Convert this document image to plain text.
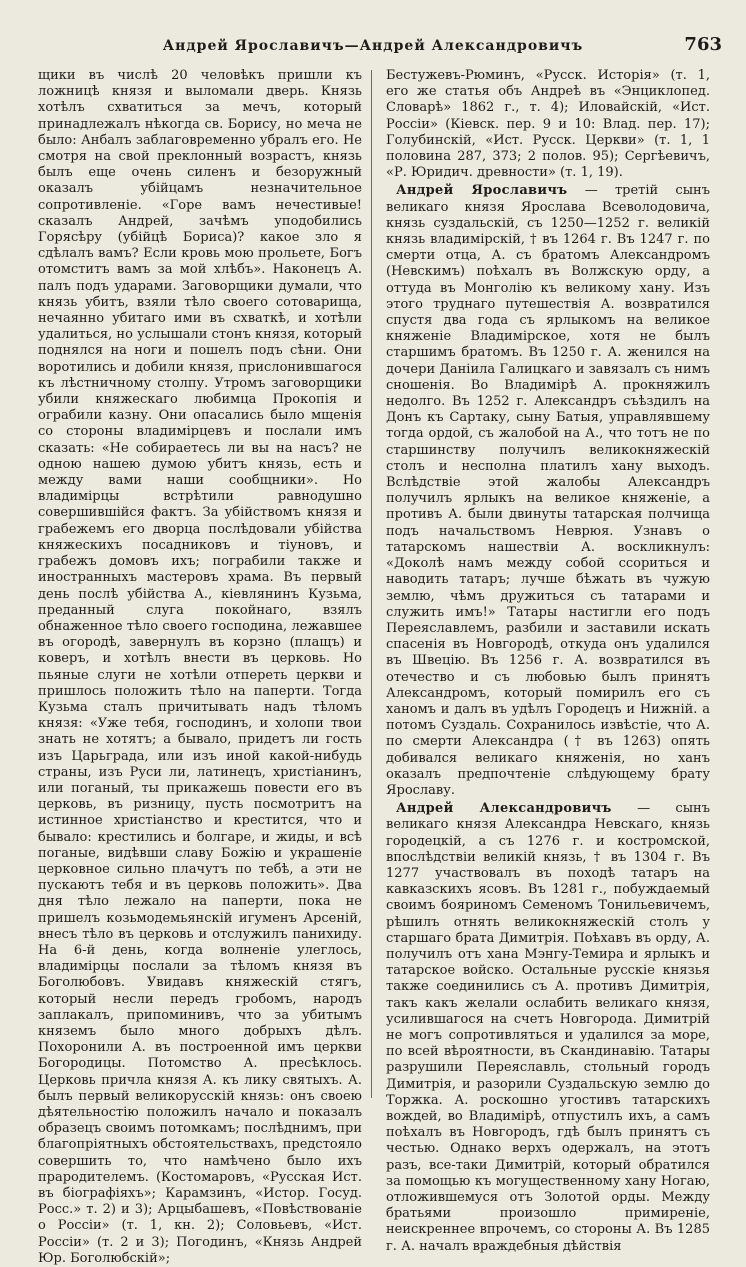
Андрей Ярославичъ—Андрей Александровичъ	763

щики въ числѣ 20 человѣкъ пришли къ ложницѣ князя и выломали дверь. Князь хотѣлъ схватиться за мечъ, который принадлежалъ нѣкогда св. Борису, но меча не было: Анбалъ заблаговременно убралъ его. Не смотря на свой преклонный возрастъ, князь былъ еще очень силенъ и безоружный оказалъ убійцамъ незначительное сопротивленіе. «Горе вамъ нечестивые! сказалъ Андрей, зачѣмъ уподобились Горясѣру (убійцѣ Бориса)? какое зло я сдѣлалъ вамъ? Если кровь мою прольете, Богъ отомститъ вамъ за мой хлѣбъ». Наконецъ А. палъ подъ ударами. Заговорщики думали, что князь убитъ, взяли тѣло своего сотоварища, нечаянно убитаго ими въ схваткѣ, и хотѣли удалиться, но услышали стонъ князя, который поднялся на ноги и пошелъ подъ сѣни. Они воротились и добили князя, прислонившагося къ лѣстничному столпу. Утромъ заговорщики убили княжескаго любимца Прокопія и ограбили казну. Они опасались было мщенія со стороны владимірцевъ и послали имъ сказать: «Не собираетесь ли вы на насъ? не одною нашею думою убитъ князь, есть и между вами наши сообщники». Но владимірцы встрѣтили равнодушно совершившійся фактъ. За убійствомъ князя и грабежемъ его дворца послѣдовали убійства княжескихъ посадниковъ и тіуновъ, и грабежъ домовъ ихъ; пограбили также и иностранныхъ мастеровъ храма. Въ первый день послѣ убійства А., кіевлянинъ Кузьма, преданный слуга покойнаго, взялъ обнаженное тѣло своего господина, лежавшее въ огородѣ, завернулъ въ корзно (плащъ) и коверъ, и хотѣлъ внести въ церковь. Но пьяные слуги не хотѣли отпереть церкви и пришлось положить тѣло на паперти. Тогда Кузьма сталъ причитывать надъ тѣломъ князя: «Уже тебя, господинъ, и холопи твои знать не хотятъ; а бывало, придетъ ли гость изъ Царьграда, или изъ иной какой-нибудь страны, изъ Руси ли, латинецъ, христіанинъ, или поганый, ты прикажешь повести его въ церковь, въ ризницу, пусть посмотритъ на истинное христіанство и крестится, что и бывало: крестились и болгаре, и жиды, и всѣ поганые, видѣвши славу Божію и украшеніе церковное сильно плачутъ по тебѣ, а эти не пускаютъ тебя и въ церковь положить». Два дня тѣло лежало на паперти, пока не пришелъ козьмодемьянскій игуменъ Арсеній, внесъ тѣло въ церковь и отслужилъ панихиду. На 6-й день, когда волненіе улеглось, владимірцы послали за тѣломъ князя въ Боголюбовъ. Увидавъ княжескій стягъ, который несли передъ гробомъ, народъ заплакалъ, припоминивъ, что за убитымъ княземъ было много добрыхъ дѣлъ. Похоронили А. въ построенной имъ церкви Богородицы. Потомство А. пресѣклось. Церковь причла князя А. къ лику святыхъ. А. былъ первый великорусскій князь: онъ своею дѣятельностію положилъ начало и показалъ образецъ своимъ потомкамъ; послѣднимъ, при благопріятныхъ обстоятельствахъ, предстояло совершить то, что намѣчено было ихъ прародителемъ. (Костомаровъ, «Русская Ист. въ біографіяхъ»; Карамзинъ, «Истор. Госуд. Росс.» т. 2) и 3); Арцыбашевъ, «Повѣствованіе о Россіи» (т. 1, кн. 2); Соловьевъ, «Ист. Россіи» (т. 2 и 3); Погодинъ, «Князь Андрей Юр. Боголюбскій»;

Бестужевъ-Рюминъ, «Русск. Исторія» (т. 1, его же статья объ Андреѣ въ «Энциклопед. Словарѣ» 1862 г., т. 4); Иловайскій, «Ист. Россіи» (Кіевск. пер. 9 и 10: Влад. пер. 17); Голубинскій, «Ист. Русск. Церкви» (т. 1, 1 половина 287, 373; 2 полов. 95); Сергѣевичъ, «Р. Юридич. древности» (т. 1, 19).

Андрей Ярославичъ — третій сынъ великаго князя Ярослава Всеволодовича, князь суздальскій, съ 1250—1252 г. великій князь владимірскій, † въ 1264 г. Въ 1247 г. по смерти отца, А. съ братомъ Александромъ (Невскимъ) поѣхалъ въ Волжскую орду, а оттуда въ Монголію къ великому хану. Изъ этого труднаго путешествія А. возвратился спустя два года съ ярлыкомъ на великое княженіе Владимірское, хотя не былъ старшимъ братомъ. Въ 1250 г. А. женился на дочери Даніила Галицкаго и завязалъ съ нимъ сношенія. Во Владимірѣ А. прокняжилъ недолго. Въ 1252 г. Александръ съѣздилъ на Донъ къ Сартаку, сыну Батыя, управлявшему тогда ордой, съ жалобой на А., что тотъ не по старшинству получилъ великокняжескій столъ и несполна платилъ хану выходъ. Вслѣдствіе этой жалобы Александръ получилъ ярлыкъ на великое княженіе, а противъ А. были двинуты татарская полчища подъ начальствомъ Неврюя. Узнавъ о татарскомъ нашествіи А. воскликнулъ: «Доколѣ намъ между собой ссориться и наводить татаръ; лучше бѣжать въ чужую землю, чѣмъ дружиться съ татарами и служить имъ!» Татары настигли его подъ Переяславлемъ, разбили и заставили искать спасенія въ Новгородѣ, откуда онъ удалился въ Швецію. Въ 1256 г. А. возвратился въ отечество и съ любовью былъ принятъ Александромъ, который помирилъ его съ ханомъ и далъ въ удѣлъ Городецъ и Нижній. а потомъ Суздаль. Сохранилось извѣстіе, что А. по смерти Александра († въ 1263) опять добивался великаго княженія, но ханъ оказалъ предпочтеніе слѣдующему брату Ярославу.

Андрей Александровичъ — сынъ великаго князя Александра Невскаго, князь городецкій, а съ 1276 г. и костромской, впослѣдствіи великій князь, † въ 1304 г. Въ 1277 участвовалъ въ походѣ татаръ на кавказскихъ ясовъ. Въ 1281 г., побуждаемый своимъ бояриномъ Семеномъ Тонильевичемъ, рѣшилъ отнять великокняжескій столъ у старшаго брата Димитрія. Поѣхавъ въ орду, А. получилъ отъ хана Мэнгу-Темира и ярлыкъ и татарское войско. Остальные русскіе князья также соединились съ А. противъ Димитрія, такъ какъ желали ослабить великаго князя, усилившагося на счетъ Новгорода. Димитрій не могъ сопротивляться и удалился за море, по всей вѣроятности, въ Скандинавію. Татары разрушили Переяславль, стольный городъ Димитрія, и разорили Суздальскую землю до Торжка. А. роскошно угостивъ татарскихъ вождей, во Владимірѣ, отпустилъ ихъ, а самъ поѣхалъ въ Новгородъ, гдѣ былъ принятъ съ честью. Однако верхъ одержалъ, на этотъ разъ, все-таки Димитрій, который обратился за помощью къ могущественному хану Ногаю, отложившемуся отъ Золотой орды. Между братьями произошло примиреніе, неискреннее впрочемъ, со стороны А. Въ 1285 г. А. началъ враждебныя дѣйствія
